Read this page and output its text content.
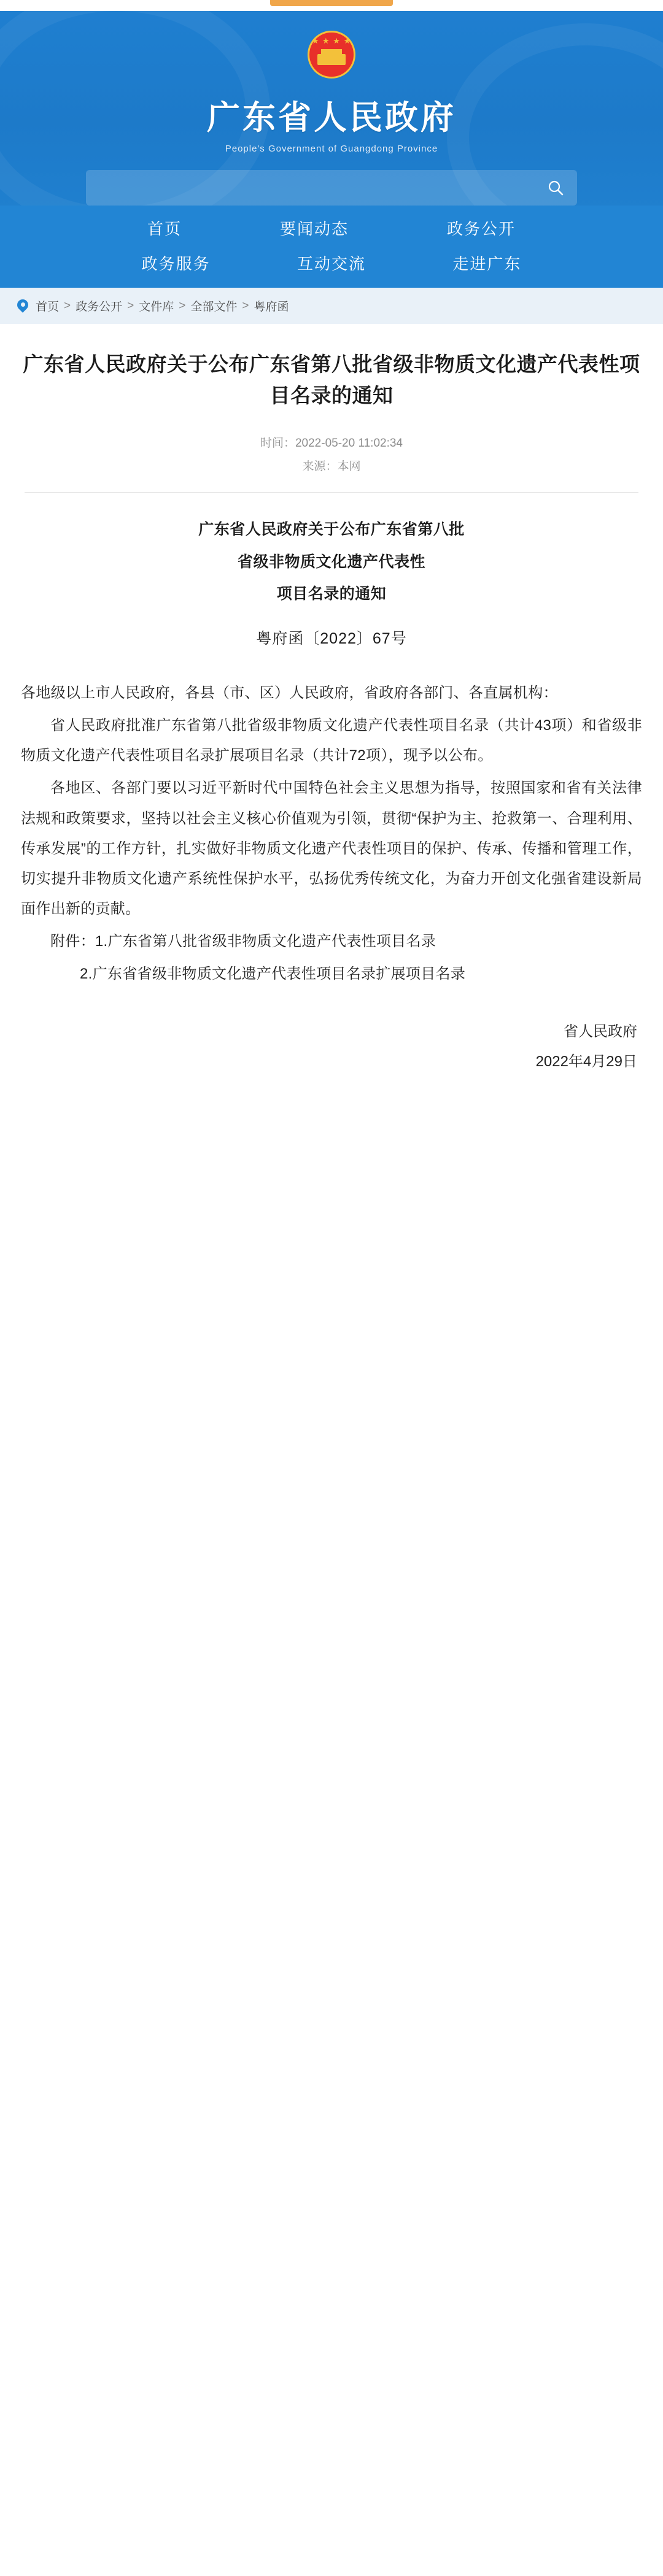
★ ★ ★ ★
广东省人民政府
People's Government of Guangdong Province
首页	要闻动态	政务公开
政务服务	互动交流	走进广东
首页 > 政务公开 > 文件库 > 全部文件 > 粤府函
广东省人民政府关于公布广东省第八批省级非物质文化遗产代表性项目名录的通知
时间：2022-05-20 11:02:34
来源：本网
广东省人民政府关于公布广东省第八批
省级非物质文化遗产代表性
项目名录的通知
粤府函〔2022〕67号

各地级以上市人民政府，各县（市、区）人民政府，省政府各部门、各直属机构：

省人民政府批准广东省第八批省级非物质文化遗产代表性项目名录（共计43项）和省级非物质文化遗产代表性项目名录扩展项目名录（共计72项），现予以公布。

各地区、各部门要以习近平新时代中国特色社会主义思想为指导，按照国家和省有关法律法规和政策要求，坚持以社会主义核心价值观为引领，贯彻“保护为主、抢救第一、合理利用、传承发展”的工作方针，扎实做好非物质文化遗产代表性项目的保护、传承、传播和管理工作，切实提升非物质文化遗产系统性保护水平，弘扬优秀传统文化，为奋力开创文化强省建设新局面作出新的贡献。

附件：1.广东省第八批省级非物质文化遗产代表性项目名录

2.广东省省级非物质文化遗产代表性项目名录扩展项目名录

省人民政府
2022年4月29日
